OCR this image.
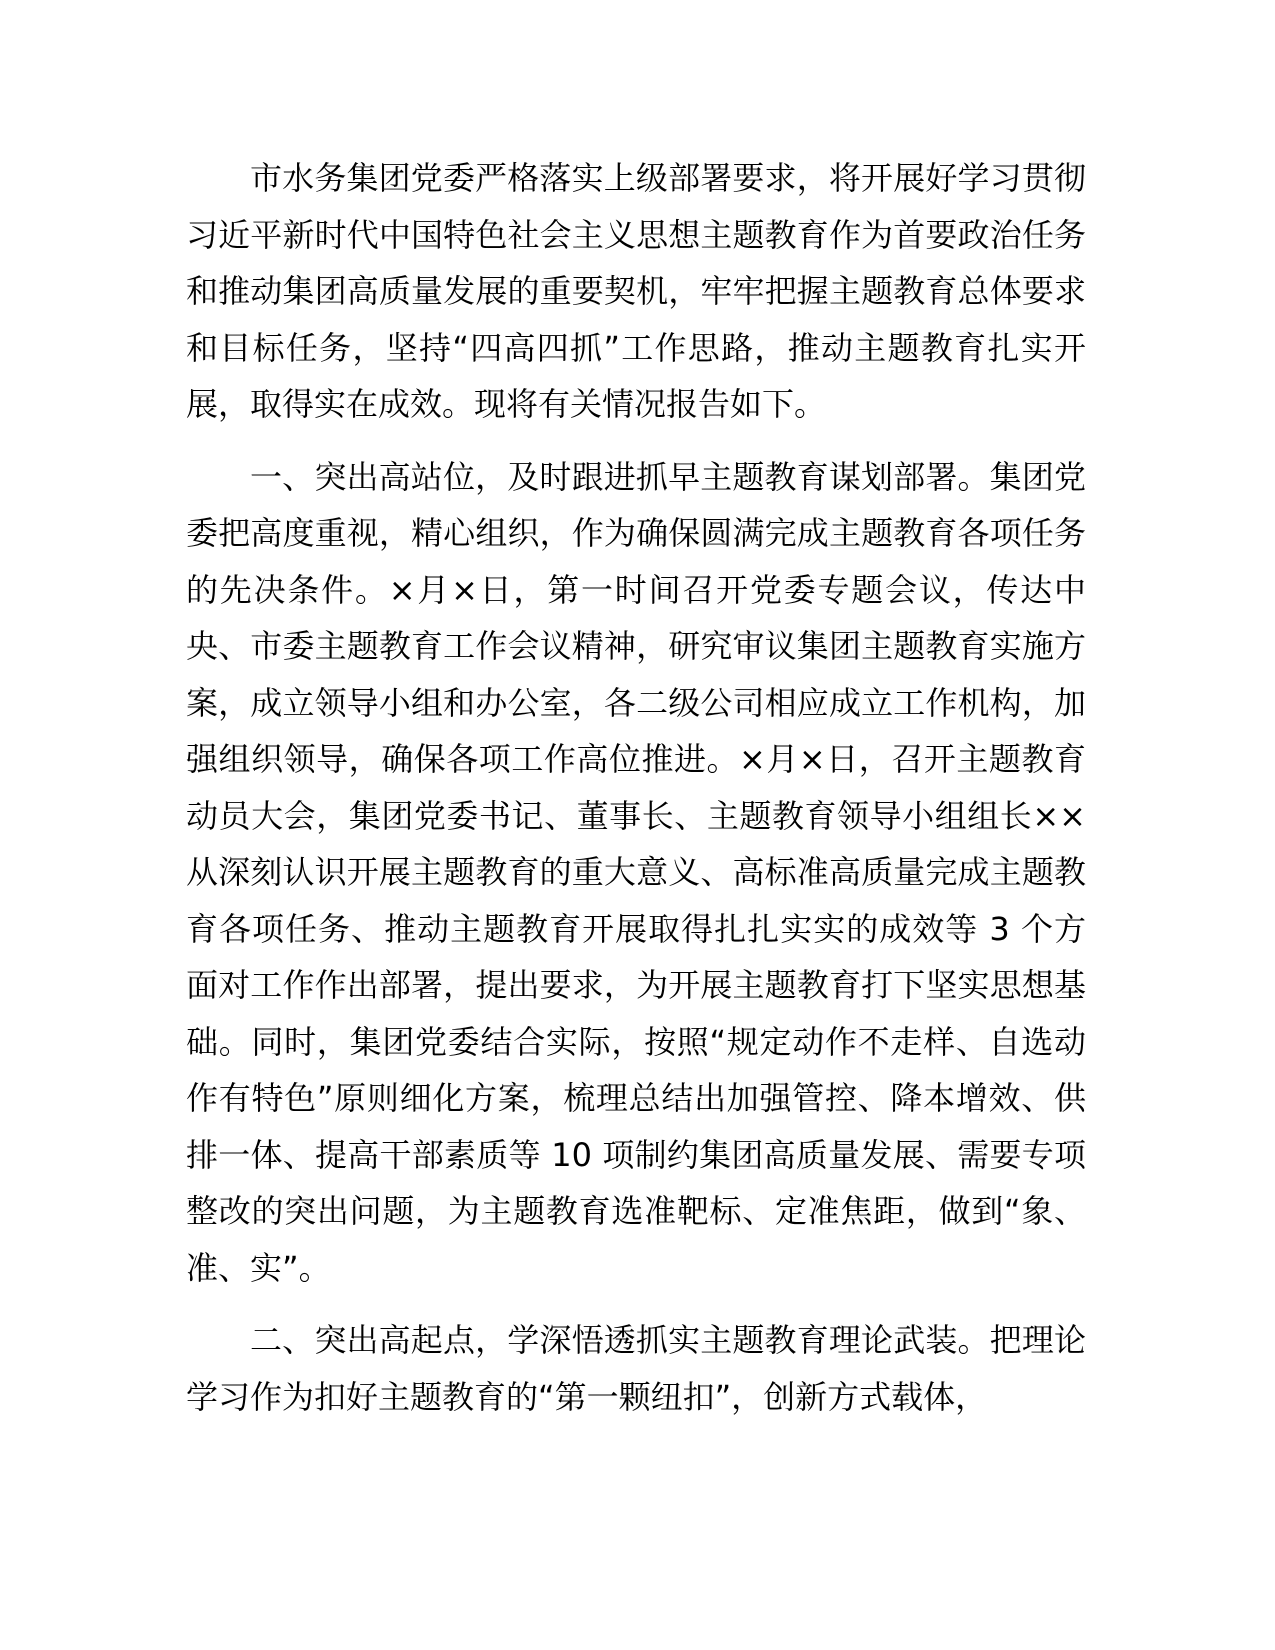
市水务集团党委严格落实上级部署要求，将开展好学习贯彻习近平新时代中国特色社会主义思想主题教育作为首要政治任务和推动集团高质量发展的重要契机，牢牢把握主题教育总体要求和目标任务，坚持“四高四抓”工作思路，推动主题教育扎实开展，取得实在成效。现将有关情况报告如下。

一、突出高站位，及时跟进抓早主题教育谋划部署。集团党委把高度重视，精心组织，作为确保圆满完成主题教育各项任务的先决条件。×月×日，第一时间召开党委专题会议，传达中央、市委主题教育工作会议精神，研究审议集团主题教育实施方案，成立领导小组和办公室，各二级公司相应成立工作机构，加强组织领导，确保各项工作高位推进。×月×日，召开主题教育动员大会，集团党委书记、董事长、主题教育领导小组组长××从深刻认识开展主题教育的重大意义、高标准高质量完成主题教育各项任务、推动主题教育开展取得扎扎实实的成效等 3 个方面对工作作出部署，提出要求，为开展主题教育打下坚实思想基础。同时，集团党委结合实际，按照“规定动作不走样、自选动作有特色”原则细化方案，梳理总结出加强管控、降本增效、供排一体、提高干部素质等 10 项制约集团高质量发展、需要专项整改的突出问题，为主题教育选准靶标、定准焦距，做到“象、准、实”。

二、突出高起点，学深悟透抓实主题教育理论武装。把理论学习作为扣好主题教育的“第一颗纽扣”，创新方式载体，
